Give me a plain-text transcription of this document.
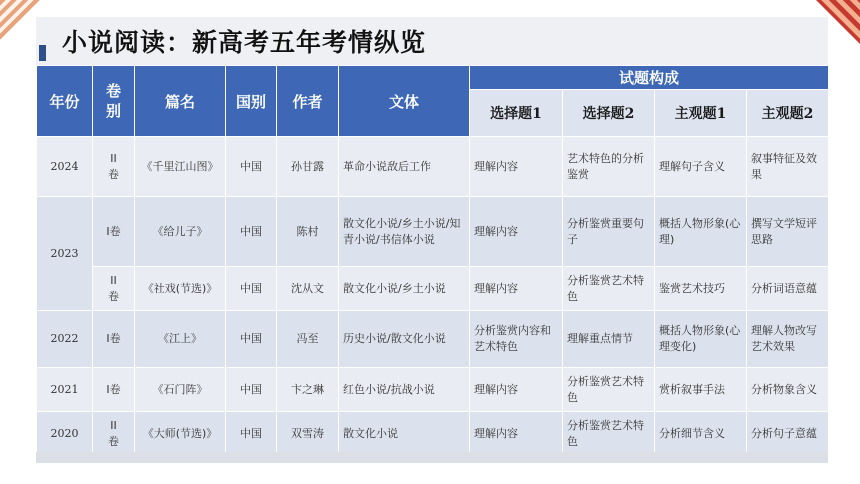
小说阅读：新高考五年考情纵览
年份	卷别	篇名	国别	作者	文体	试题构成			
						选择题1	选择题2	主观题1	主观题2
2024	II卷	《千里江山图》	中国	孙甘露	革命小说敌后工作	理解内容	艺术特色的分析鉴赏	理解句子含义	叙事特征及效果
2023	I卷	《给儿子》	中国	陈村	散文化小说/乡土小说/知青小说/书信体小说	理解内容	分析鉴赏重要句子	概括人物形象(心理)	撰写文学短评思路
	II卷	《社戏(节选)》	中国	沈从文	散文化小说/乡土小说	理解内容	分析鉴赏艺术特色	鉴赏艺术技巧	分析词语意蕴
2022	I卷	《江上》	中国	冯至	历史小说/散文化小说	分析鉴赏内容和艺术特色	理解重点情节	概括人物形象(心理变化)	理解人物改写艺术效果
2021	I卷	《石门阵》	中国	卞之琳	红色小说/抗战小说	理解内容	分析鉴赏艺术特色	赏析叙事手法	分析物象含义
2020	II卷	《大师(节选)》	中国	双雪涛	散文化小说	理解内容	分析鉴赏艺术特色	分析细节含义	分析句子意蕴
